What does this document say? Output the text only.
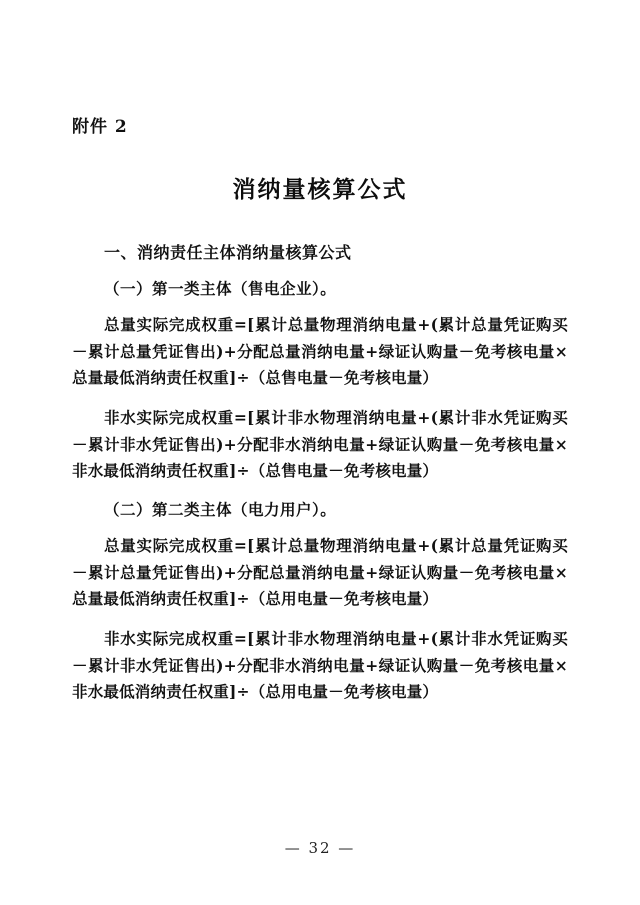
附件 2
消纳量核算公式
一、消纳责任主体消纳量核算公式
（一）第一类主体（售电企业）。

总量实际完成权重=[累计总量物理消纳电量+(累计总量凭证购买－累计总量凭证售出)+分配总量消纳电量+绿证认购量－免考核电量×总量最低消纳责任权重]÷（总售电量－免考核电量）

非水实际完成权重=[累计非水物理消纳电量+(累计非水凭证购买－累计非水凭证售出)+分配非水消纳电量+绿证认购量－免考核电量×非水最低消纳责任权重]÷（总售电量－免考核电量）

（二）第二类主体（电力用户）。

总量实际完成权重=[累计总量物理消纳电量+(累计总量凭证购买－累计总量凭证售出)+分配总量消纳电量+绿证认购量－免考核电量×总量最低消纳责任权重]÷（总用电量－免考核电量）

非水实际完成权重=[累计非水物理消纳电量+(累计非水凭证购买－累计非水凭证售出)+分配非水消纳电量+绿证认购量－免考核电量×非水最低消纳责任权重]÷（总用电量－免考核电量）

— 32 —
